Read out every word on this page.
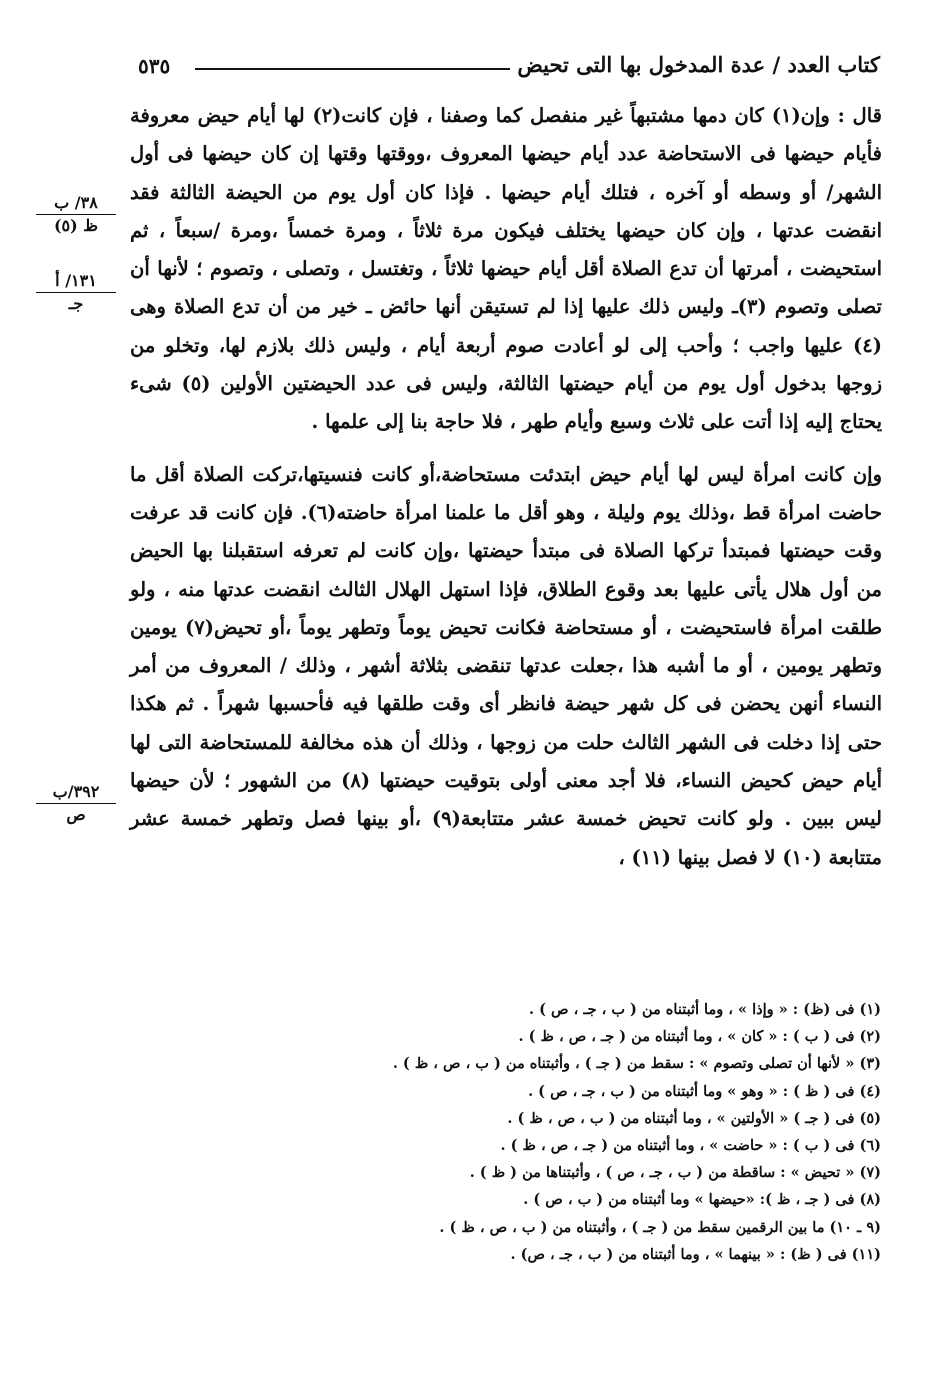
كتاب العدد / عدة المدخول بها التى تحيض
٥٣٥
٣٨/ ب
ظ (٥)
١٣١/ أ
جـ
٣٩٢/ب
ص

قال : وإن(١) كان دمها مشتبهاً غير منفصل كما وصفنا ، فإن كانت(٢) لها أيام حيض معروفة فأيام حيضها فى الاستحاضة عدد أيام حيضها المعروف ،ووقتها وقتها إن كان حيضها فى أول الشهر/ أو وسطه أو آخره ، فتلك أيام حيضها . فإذا كان أول يوم من الحيضة الثالثة فقد انقضت عدتها ، وإن كان حيضها يختلف فيكون مرة ثلاثاً ، ومرة خمساً ،ومرة /سبعاً ، ثم استحيضت ، أمرتها أن تدع الصلاة أقل أيام حيضها ثلاثاً ، وتغتسل ، وتصلى ، وتصوم ؛ لأنها أن تصلى وتصوم (٣)ـ وليس ذلك عليها إذا لم تستيقن أنها حائض ـ خير من أن تدع الصلاة وهى (٤) عليها واجب ؛ وأحب إلى لو أعادت صوم أربعة أيام ، وليس ذلك بلازم لها، وتخلو من زوجها بدخول أول يوم من أيام حيضتها الثالثة، وليس فى عدد الحيضتين الأولين (٥) شىء يحتاج إليه إذا أتت على ثلاث وسبع وأيام طهر ، فلا حاجة بنا إلى علمها .

وإن كانت امرأة ليس لها أيام حيض ابتدئت مستحاضة،أو كانت فنسيتها،تركت الصلاة أقل ما حاضت امرأة قط ،وذلك يوم وليلة ، وهو أقل ما علمنا امرأة حاضته(٦). فإن كانت قد عرفت وقت حيضتها فمبتدأ تركها الصلاة فى مبتدأ حيضتها ،وإن كانت لم تعرفه استقبلنا بها الحيض من أول هلال يأتى عليها بعد وقوع الطلاق، فإذا استهل الهلال الثالث انقضت عدتها منه ، ولو طلقت امرأة فاستحيضت ، أو مستحاضة فكانت تحيض يوماً وتطهر يوماً ،أو تحيض(٧) يومين وتطهر يومين ، أو ما أشبه هذا ،جعلت عدتها تنقضى بثلاثة أشهر ، وذلك / المعروف من أمر النساء أنهن يحضن فى كل شهر حيضة فانظر أى وقت طلقها فيه فأحسبها شهراً . ثم هكذا حتى إذا دخلت فى الشهر الثالث حلت من زوجها ، وذلك أن هذه مخالفة للمستحاضة التى لها أيام حيض كحيض النساء، فلا أجد معنى أولى بتوقيت حيضتها (٨) من الشهور ؛ لأن حيضها ليس ببين . ولو كانت تحيض خمسة عشر متتابعة(٩) ،أو بينها فصل وتطهر خمسة عشر متتابعة (١٠) لا فصل بينها (١١) ،

(١) فى (ظ) : « وإذا » ، وما أثبتناه من ( ب ، جـ ، ص ) .

(٢) فى ( ب ) : « كان » ، وما أثبتناه من ( جـ ، ص ، ظ ) .

(٣) « لأنها أن تصلى وتصوم » : سقط من ( جـ ) ، وأثبتناه من ( ب ، ص ، ظ ) .

(٤) فى ( ظ ) : « وهو » وما أثبتناه من ( ب ، جـ ، ص ) .

(٥) فى ( جـ ) « الأولتين » ، وما أثبتناه من ( ب ، ص ، ظ ) .

(٦) فى ( ب ) : « حاضت » ، وما أثبتناه من ( جـ ، ص ، ظ ) .

(٧) « تحيض » : ساقطة من ( ب ، جـ ، ص ) ، وأثبتناها من ( ظ ) .

(٨) فى ( جـ ، ظ ): «حيضها » وما أثبتناه من ( ب ، ص ) .

(٩ ـ ١٠) ما بين الرقمين سقط من ( جـ ) ، وأثبتناه من ( ب ، ص ، ظ ) .

(١١) فى ( ظ) : « بينهما » ، وما أثبتناه من ( ب ، جـ ، ص) .
